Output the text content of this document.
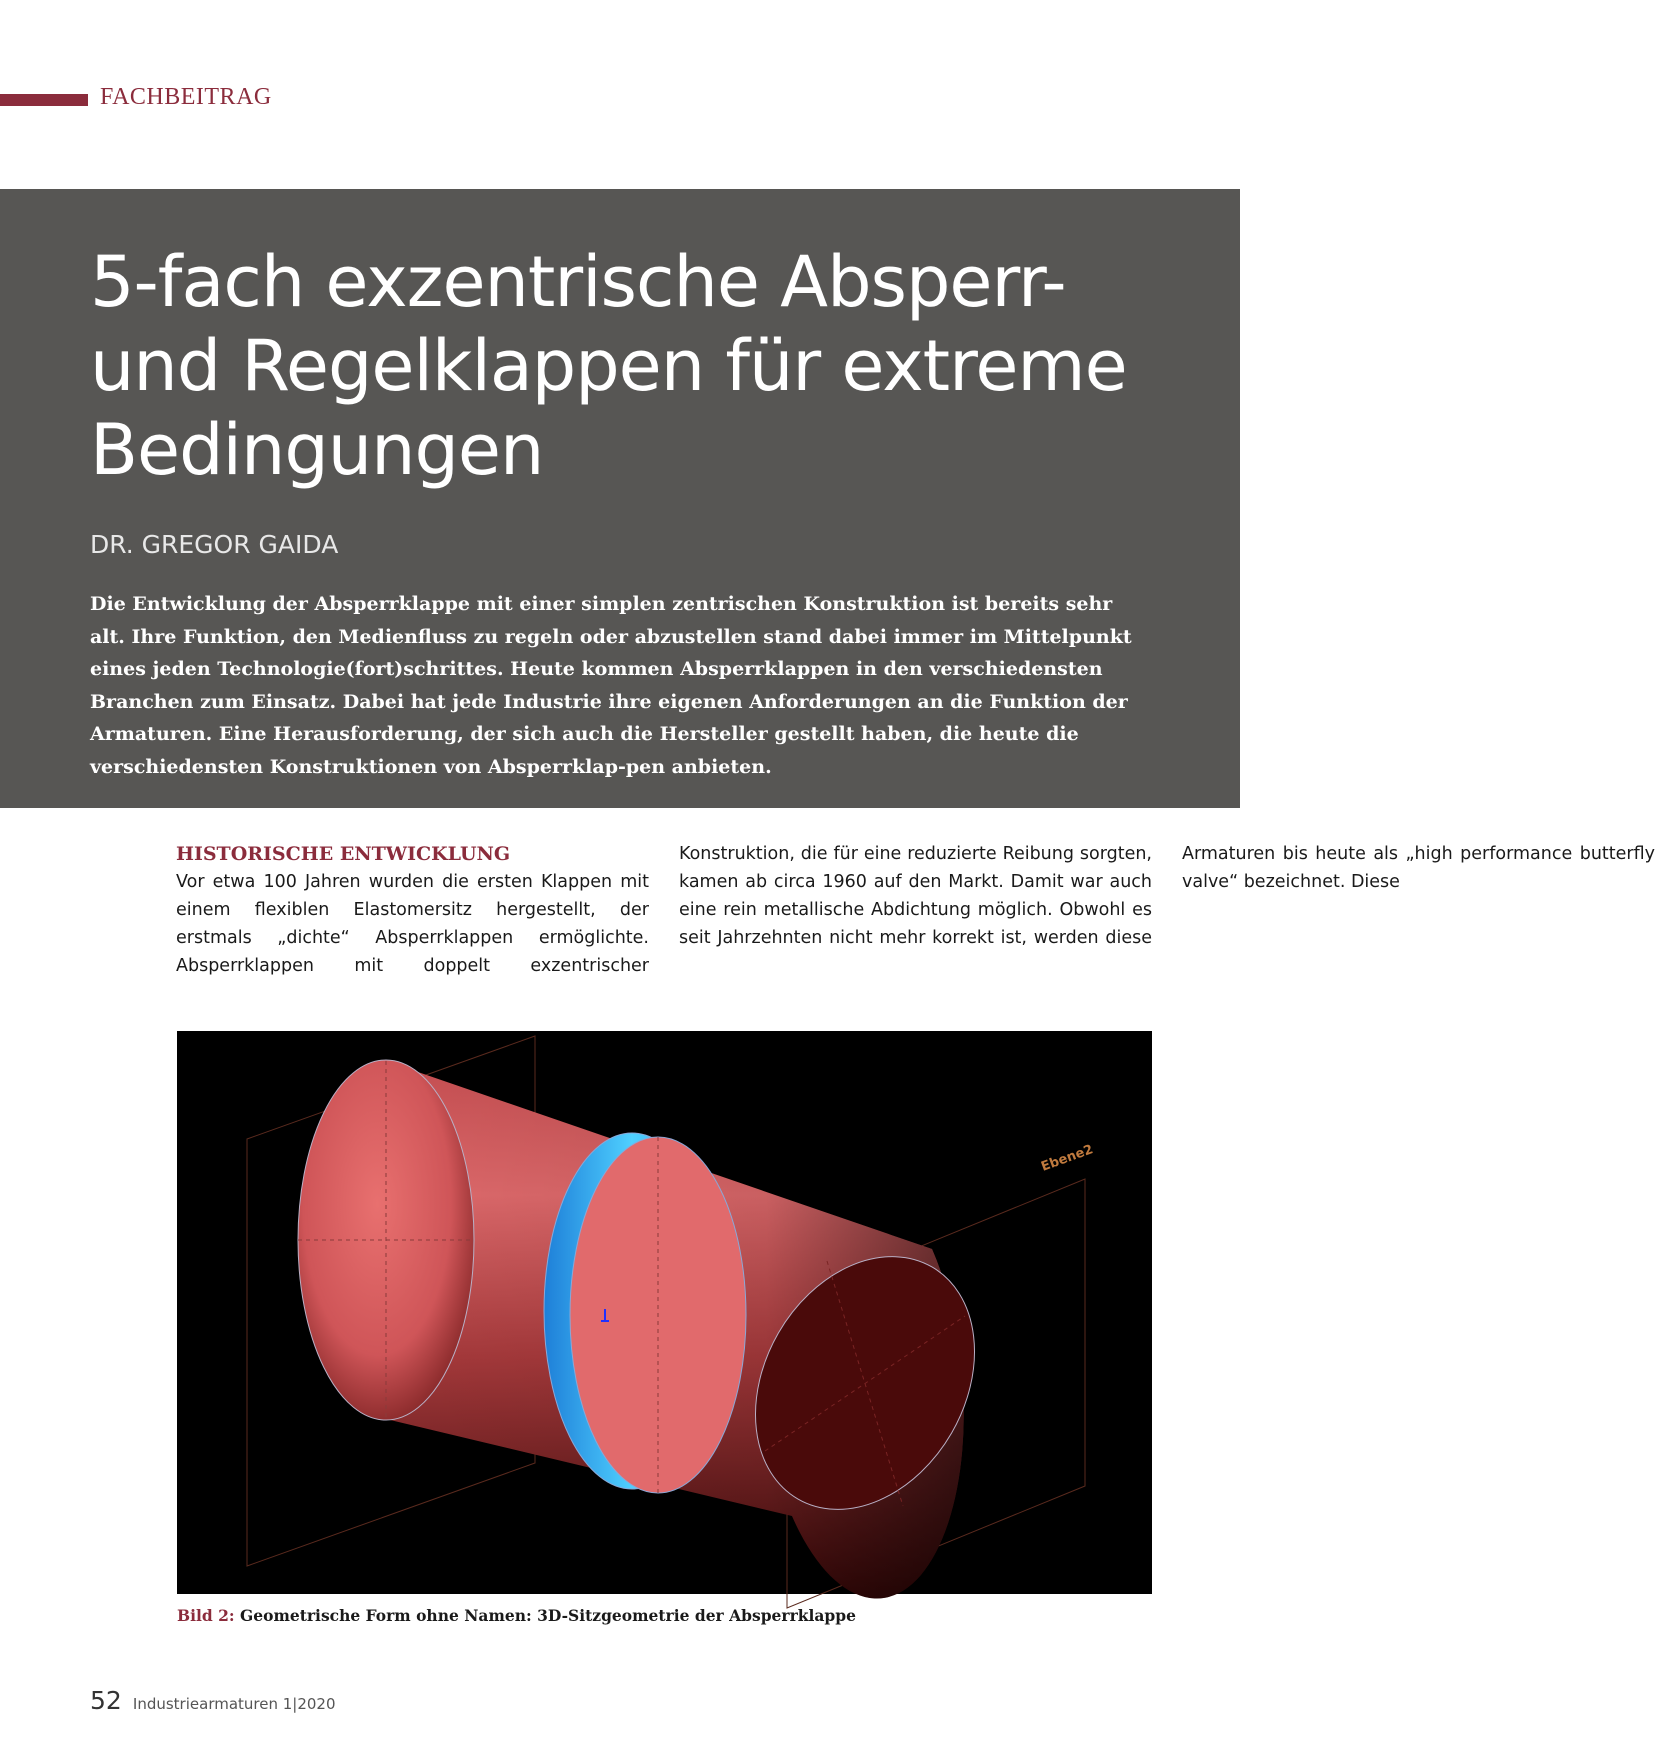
FACHBEITRAG
5-fach exzentrische Absperr-
und Regelklappen für extreme
Bedingungen
DR. GREGOR GAIDA

Die Entwicklung der Absperrklappe mit einer simplen zentrischen Konstruktion ist bereits sehr alt. Ihre Funktion, den Medienfluss zu regeln oder abzustellen stand dabei immer im Mittelpunkt eines jeden Technologie(fort)schrittes. Heute kommen Absperrklappen in den verschiedensten Branchen zum Einsatz. Dabei hat jede Industrie ihre eigenen Anforderungen an die Funktion der Armaturen. Eine Herausforderung, der sich auch die Hersteller gestellt haben, die heute die verschiedensten Konstruktionen von Absperrklap-pen anbieten.

HISTORISCHE ENTWICKLUNG

Vor etwa 100 Jahren wurden die ersten Klappen mit einem flexiblen Elastomersitz hergestellt, der erstmals „dichte“ Absperrklappen ermöglichte. Absperrklappen mit doppelt exzentrischer Konstruktion, die für eine reduzierte Reibung sorgten, kamen ab circa 1960 auf den Markt. Damit war auch eine rein metallische Abdichtung möglich. Obwohl es seit Jahrzehnten nicht mehr korrekt ist, werden diese Armaturen bis heute als „high performance butterfly valve“ bezeichnet. Diese

Ebene2
Bild 2: Geometrische Form ohne Namen: 3D-Sitzgeometrie der Absperrklappe
52 Industriearmaturen 1|2020
